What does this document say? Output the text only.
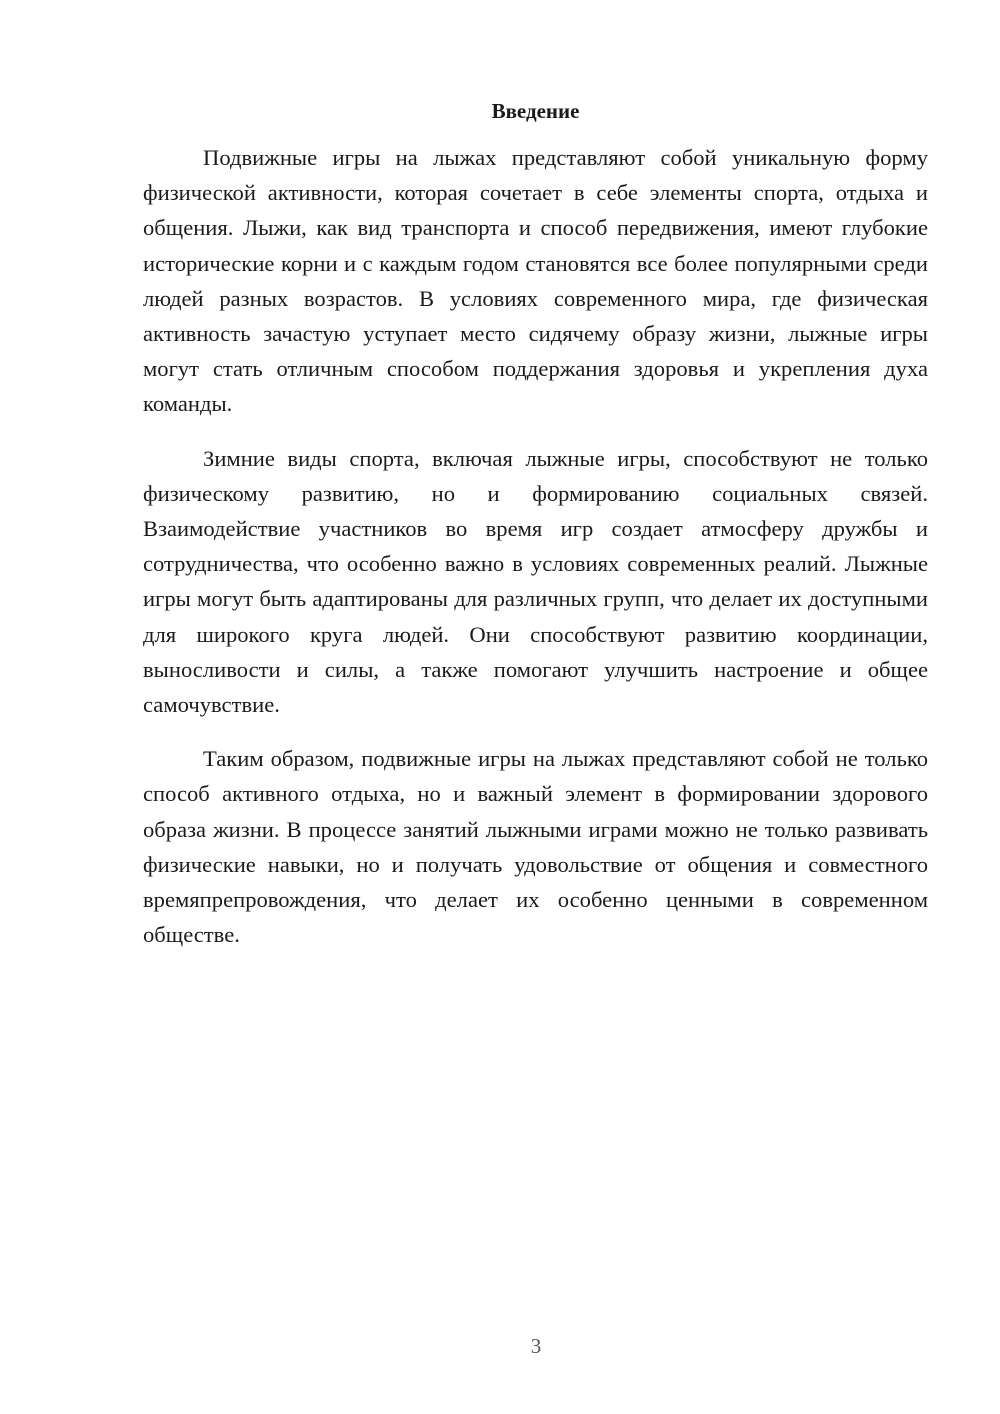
Введение

Подвижные игры на лыжах представляют собой уникальную форму физической активности, которая сочетает в себе элементы спорта, отдыха и общения. Лыжи, как вид транспорта и способ передвижения, имеют глубокие исторические корни и с каждым годом становятся все более популярными среди людей разных возрастов. В условиях современного мира, где физическая активность зачастую уступает место сидячему образу жизни, лыжные игры могут стать отличным способом поддержания здоровья и укрепления духа команды.

Зимние виды спорта, включая лыжные игры, способствуют не только физическому развитию, но и формированию социальных связей. Взаимодействие участников во время игр создает атмосферу дружбы и сотрудничества, что особенно важно в условиях современных реалий. Лыжные игры могут быть адаптированы для различных групп, что делает их доступными для широкого круга людей. Они способствуют развитию координации, выносливости и силы, а также помогают улучшить настроение и общее самочувствие.

Таким образом, подвижные игры на лыжах представляют собой не только способ активного отдыха, но и важный элемент в формировании здорового образа жизни. В процессе занятий лыжными играми можно не только развивать физические навыки, но и получать удовольствие от общения и совместного времяпрепровождения, что делает их особенно ценными в современном обществе.

3
